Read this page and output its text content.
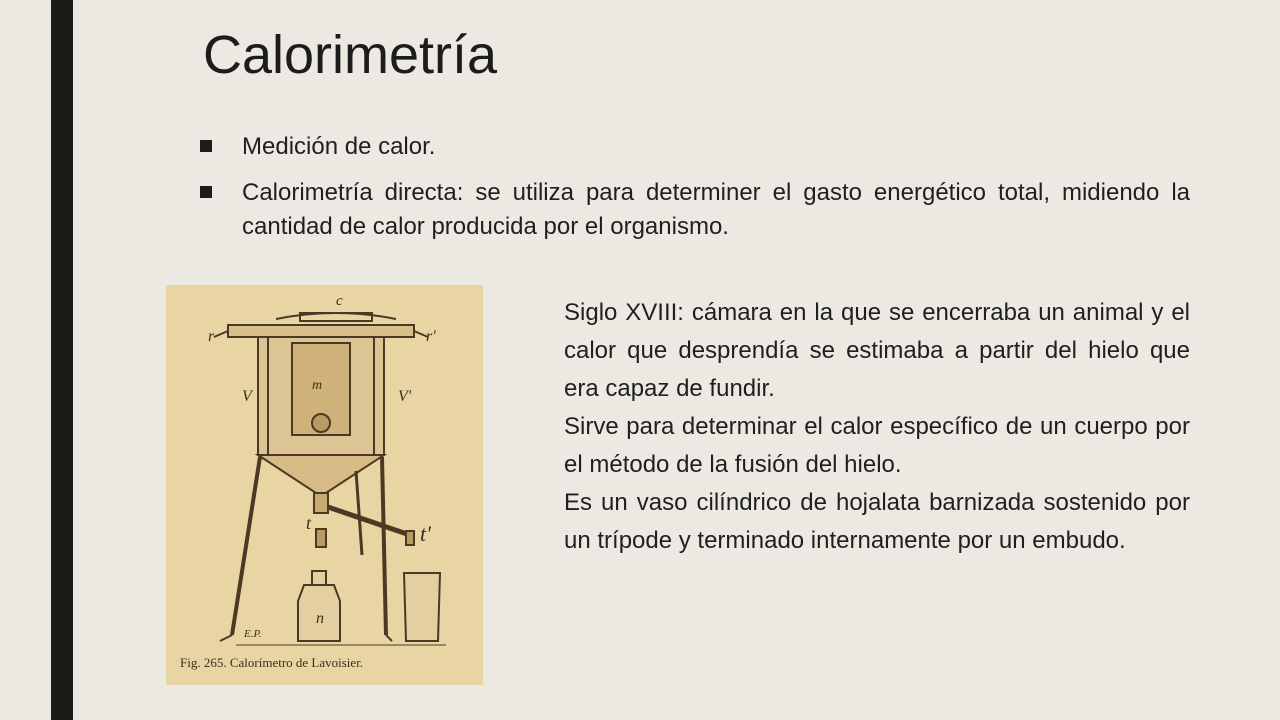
Calorimetría
Medición de calor.
Calorimetría directa: se utiliza para determiner el gasto energético total, midiendo la cantidad de calor producida por el organismo.
c
r	r'
V	V'
m
t	t'
n
E.P.
Fig. 265. Calorímetro de Lavoisier.

Siglo XVIII: cámara en la que se encerraba un animal y el calor que desprendía se estimaba a partir del hielo que era capaz de fundir.

Sirve para determinar el calor específico de un cuerpo por el método de la fusión del hielo.

Es un vaso cilíndrico de hojalata barnizada sostenido por un trípode y terminado internamente por un embudo.
